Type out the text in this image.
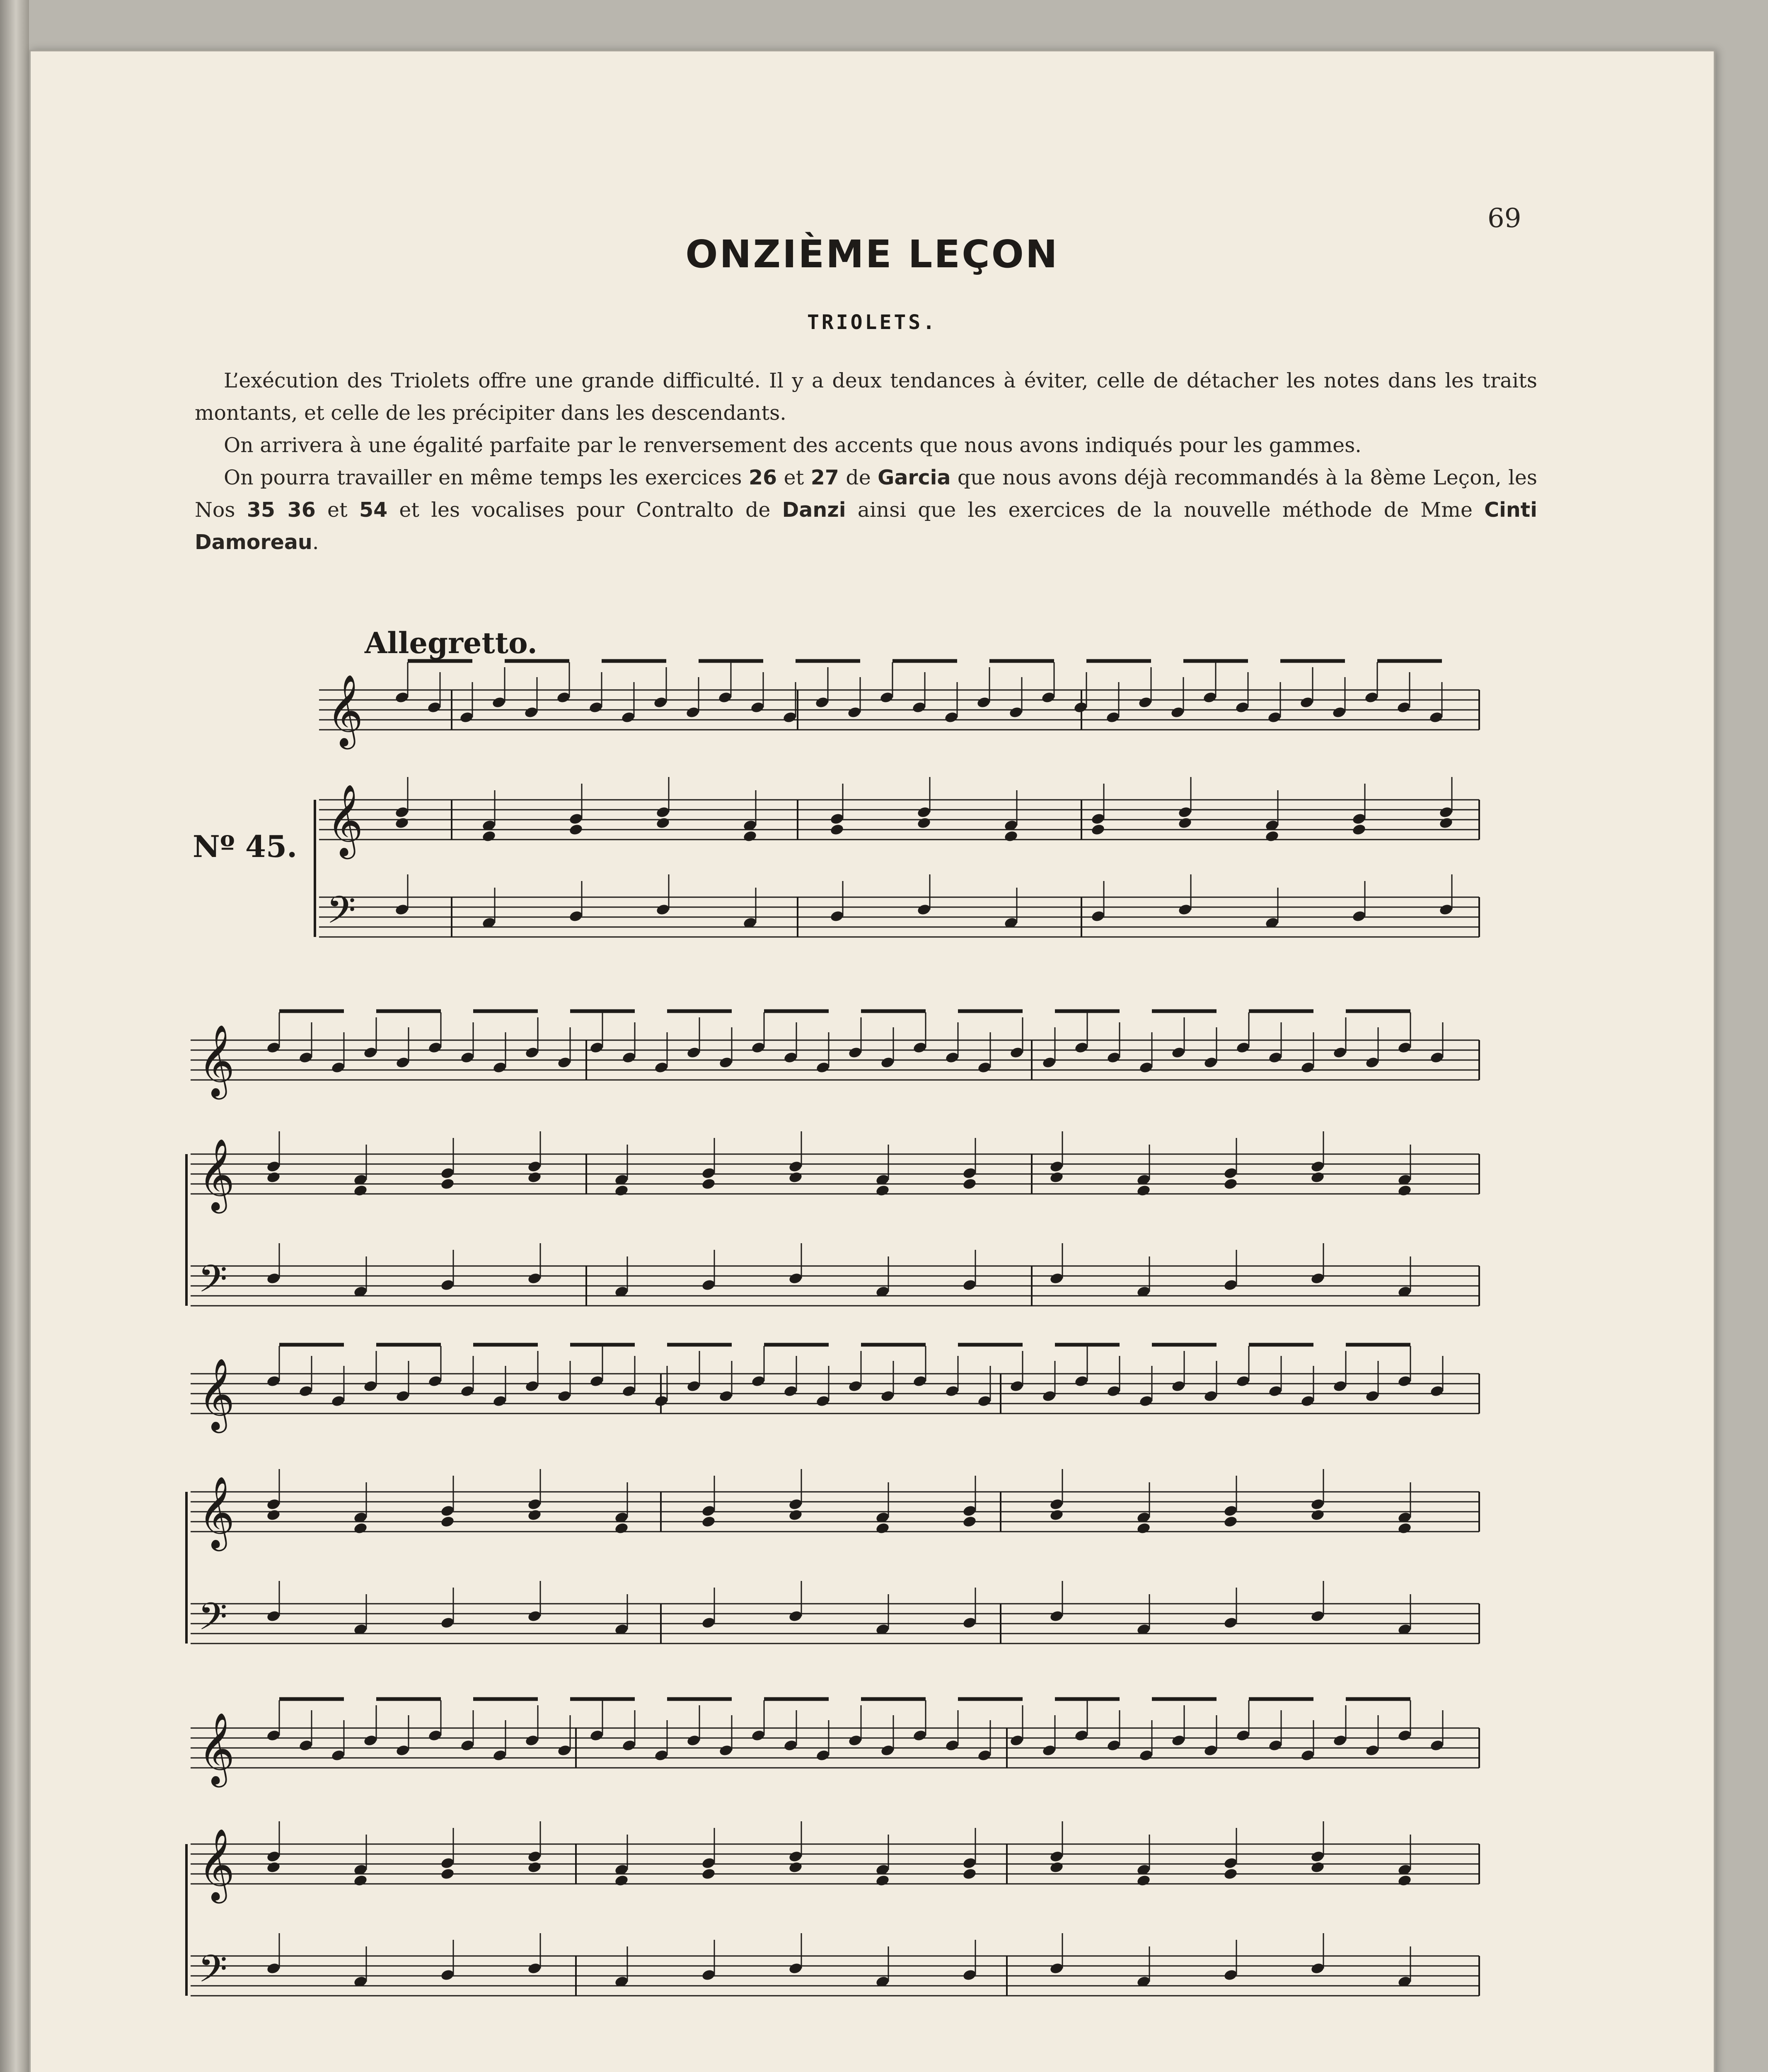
69
ONZIÈME LEÇON
TRIOLETS.

L’exécution des Triolets offre une grande difficulté. Il y a deux tendances à éviter, celle de détacher les notes dans les traits montants, et celle de les précipiter dans les descendants.

On arrivera à une égalité parfaite par le renversement des accents que nous avons indiqués pour les gammes.

On pourra travailler en même temps les exercices 26 et 27 de Garcia que nous avons déjà recommandés à la 8ème Leçon, les Nos 35 36 et 54 et les vocalises pour Contralto de Danzi ainsi que les exercices de la nouvelle méthode de Mme Cinti Damoreau.

Allegretto.
Nº 45.
𝄞
𝄞
𝄢
𝄞
𝄞
𝄢
𝄞
𝄞
𝄢
𝄞
𝄞
𝄢
